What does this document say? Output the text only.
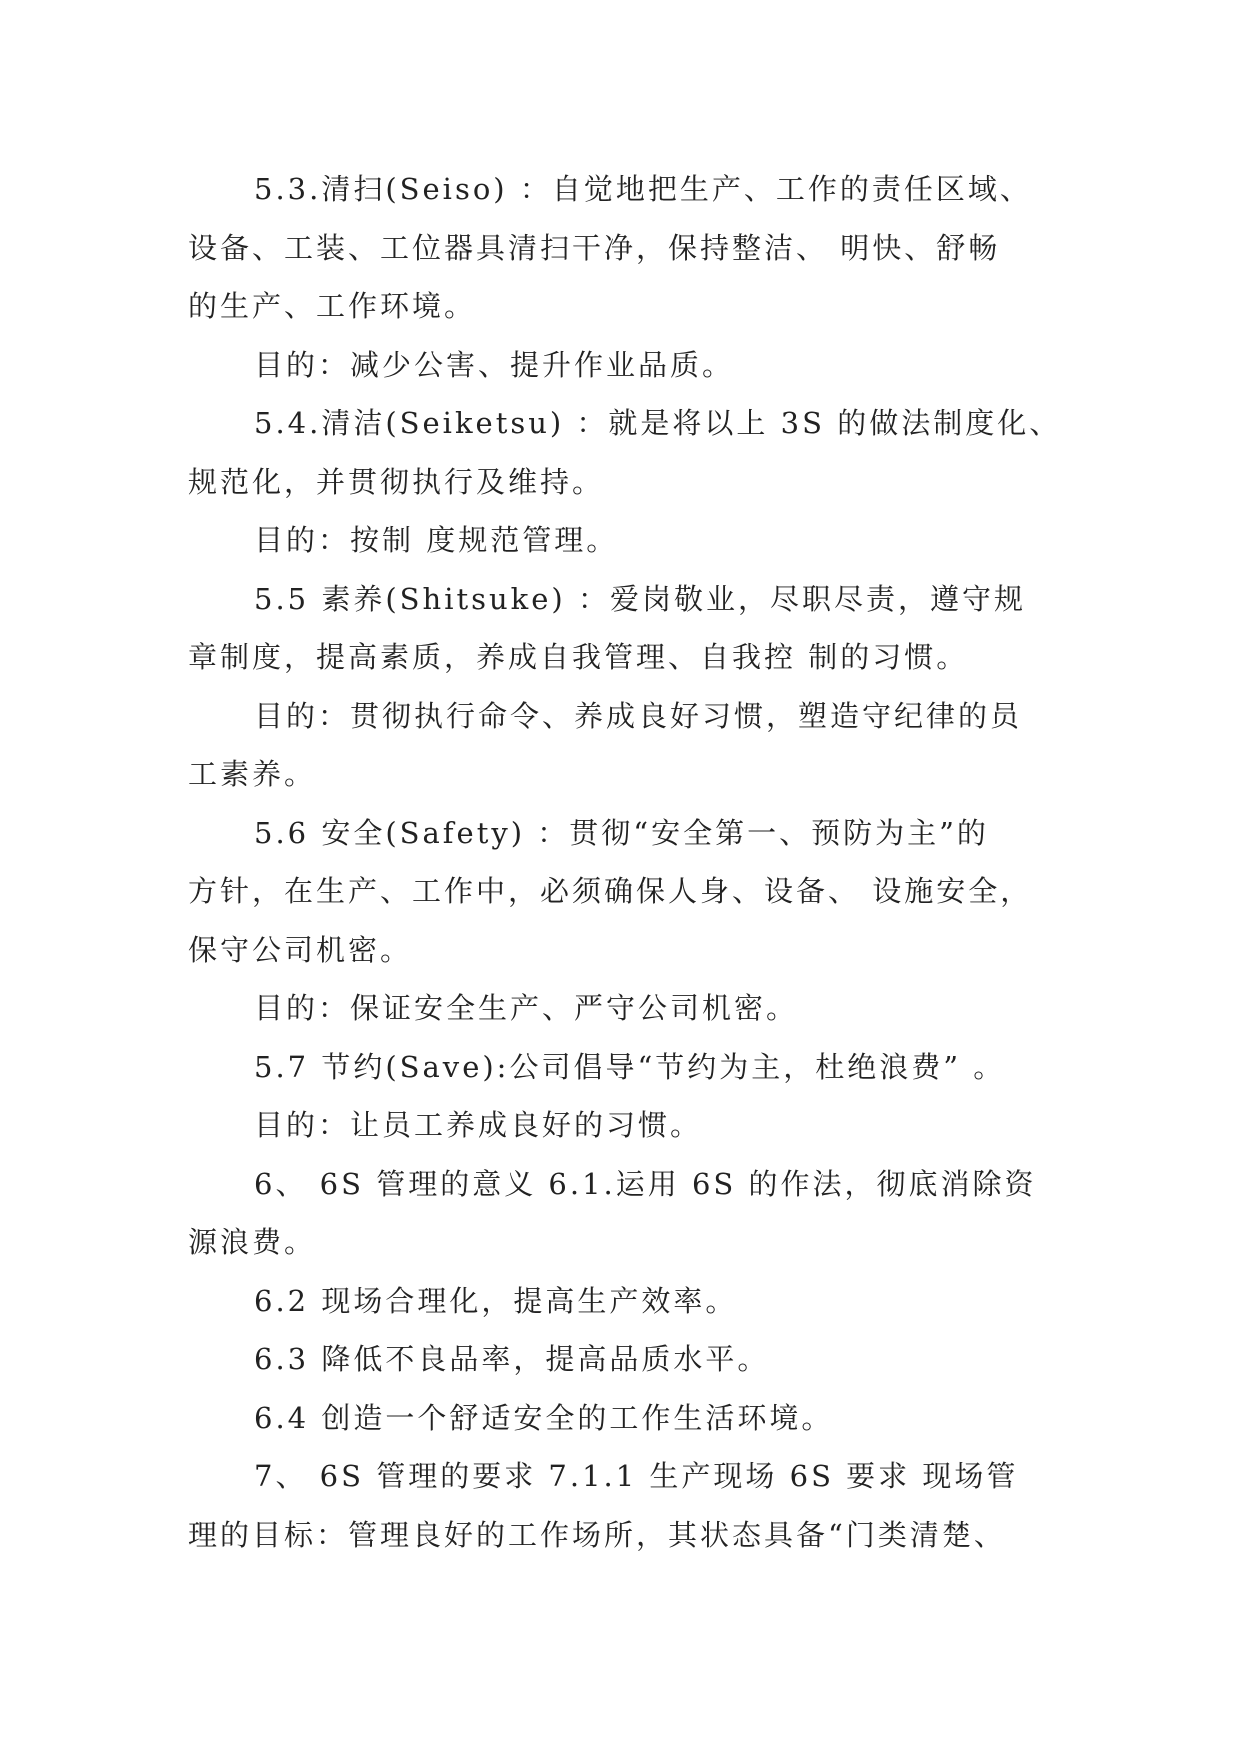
5.3.清扫(Seiso) ：自觉地把生产、工作的责任区域、
设备、工装、工位器具清扫干净，保持整洁、 明快、舒畅
的生产、工作环境。
目的：减少公害、提升作业品质。
5.4.清洁(Seiketsu) ：就是将以上 3S 的做法制度化、
规范化，并贯彻执行及维持。
目的：按制 度规范管理。
5.5 素养(Shitsuke) ：爱岗敬业，尽职尽责，遵守规
章制度，提高素质，养成自我管理、自我控 制的习惯。
目的：贯彻执行命令、养成良好习惯，塑造守纪律的员
工素养。
5.6 安全(Safety) ：贯彻“安全第一、预防为主”的
方针，在生产、工作中，必须确保人身、设备、 设施安全，
保守公司机密。
目的：保证安全生产、严守公司机密。
5.7 节约(Save):公司倡导“节约为主，杜绝浪费” 。
目的：让员工养成良好的习惯。
6、 6S 管理的意义 6.1.运用 6S 的作法，彻底消除资
源浪费。
6.2 现场合理化，提高生产效率。
6.3 降低不良品率，提高品质水平。
6.4 创造一个舒适安全的工作生活环境。
7、 6S 管理的要求 7.1.1 生产现场 6S 要求 现场管
理的目标：管理良好的工作场所，其状态具备“门类清楚、
